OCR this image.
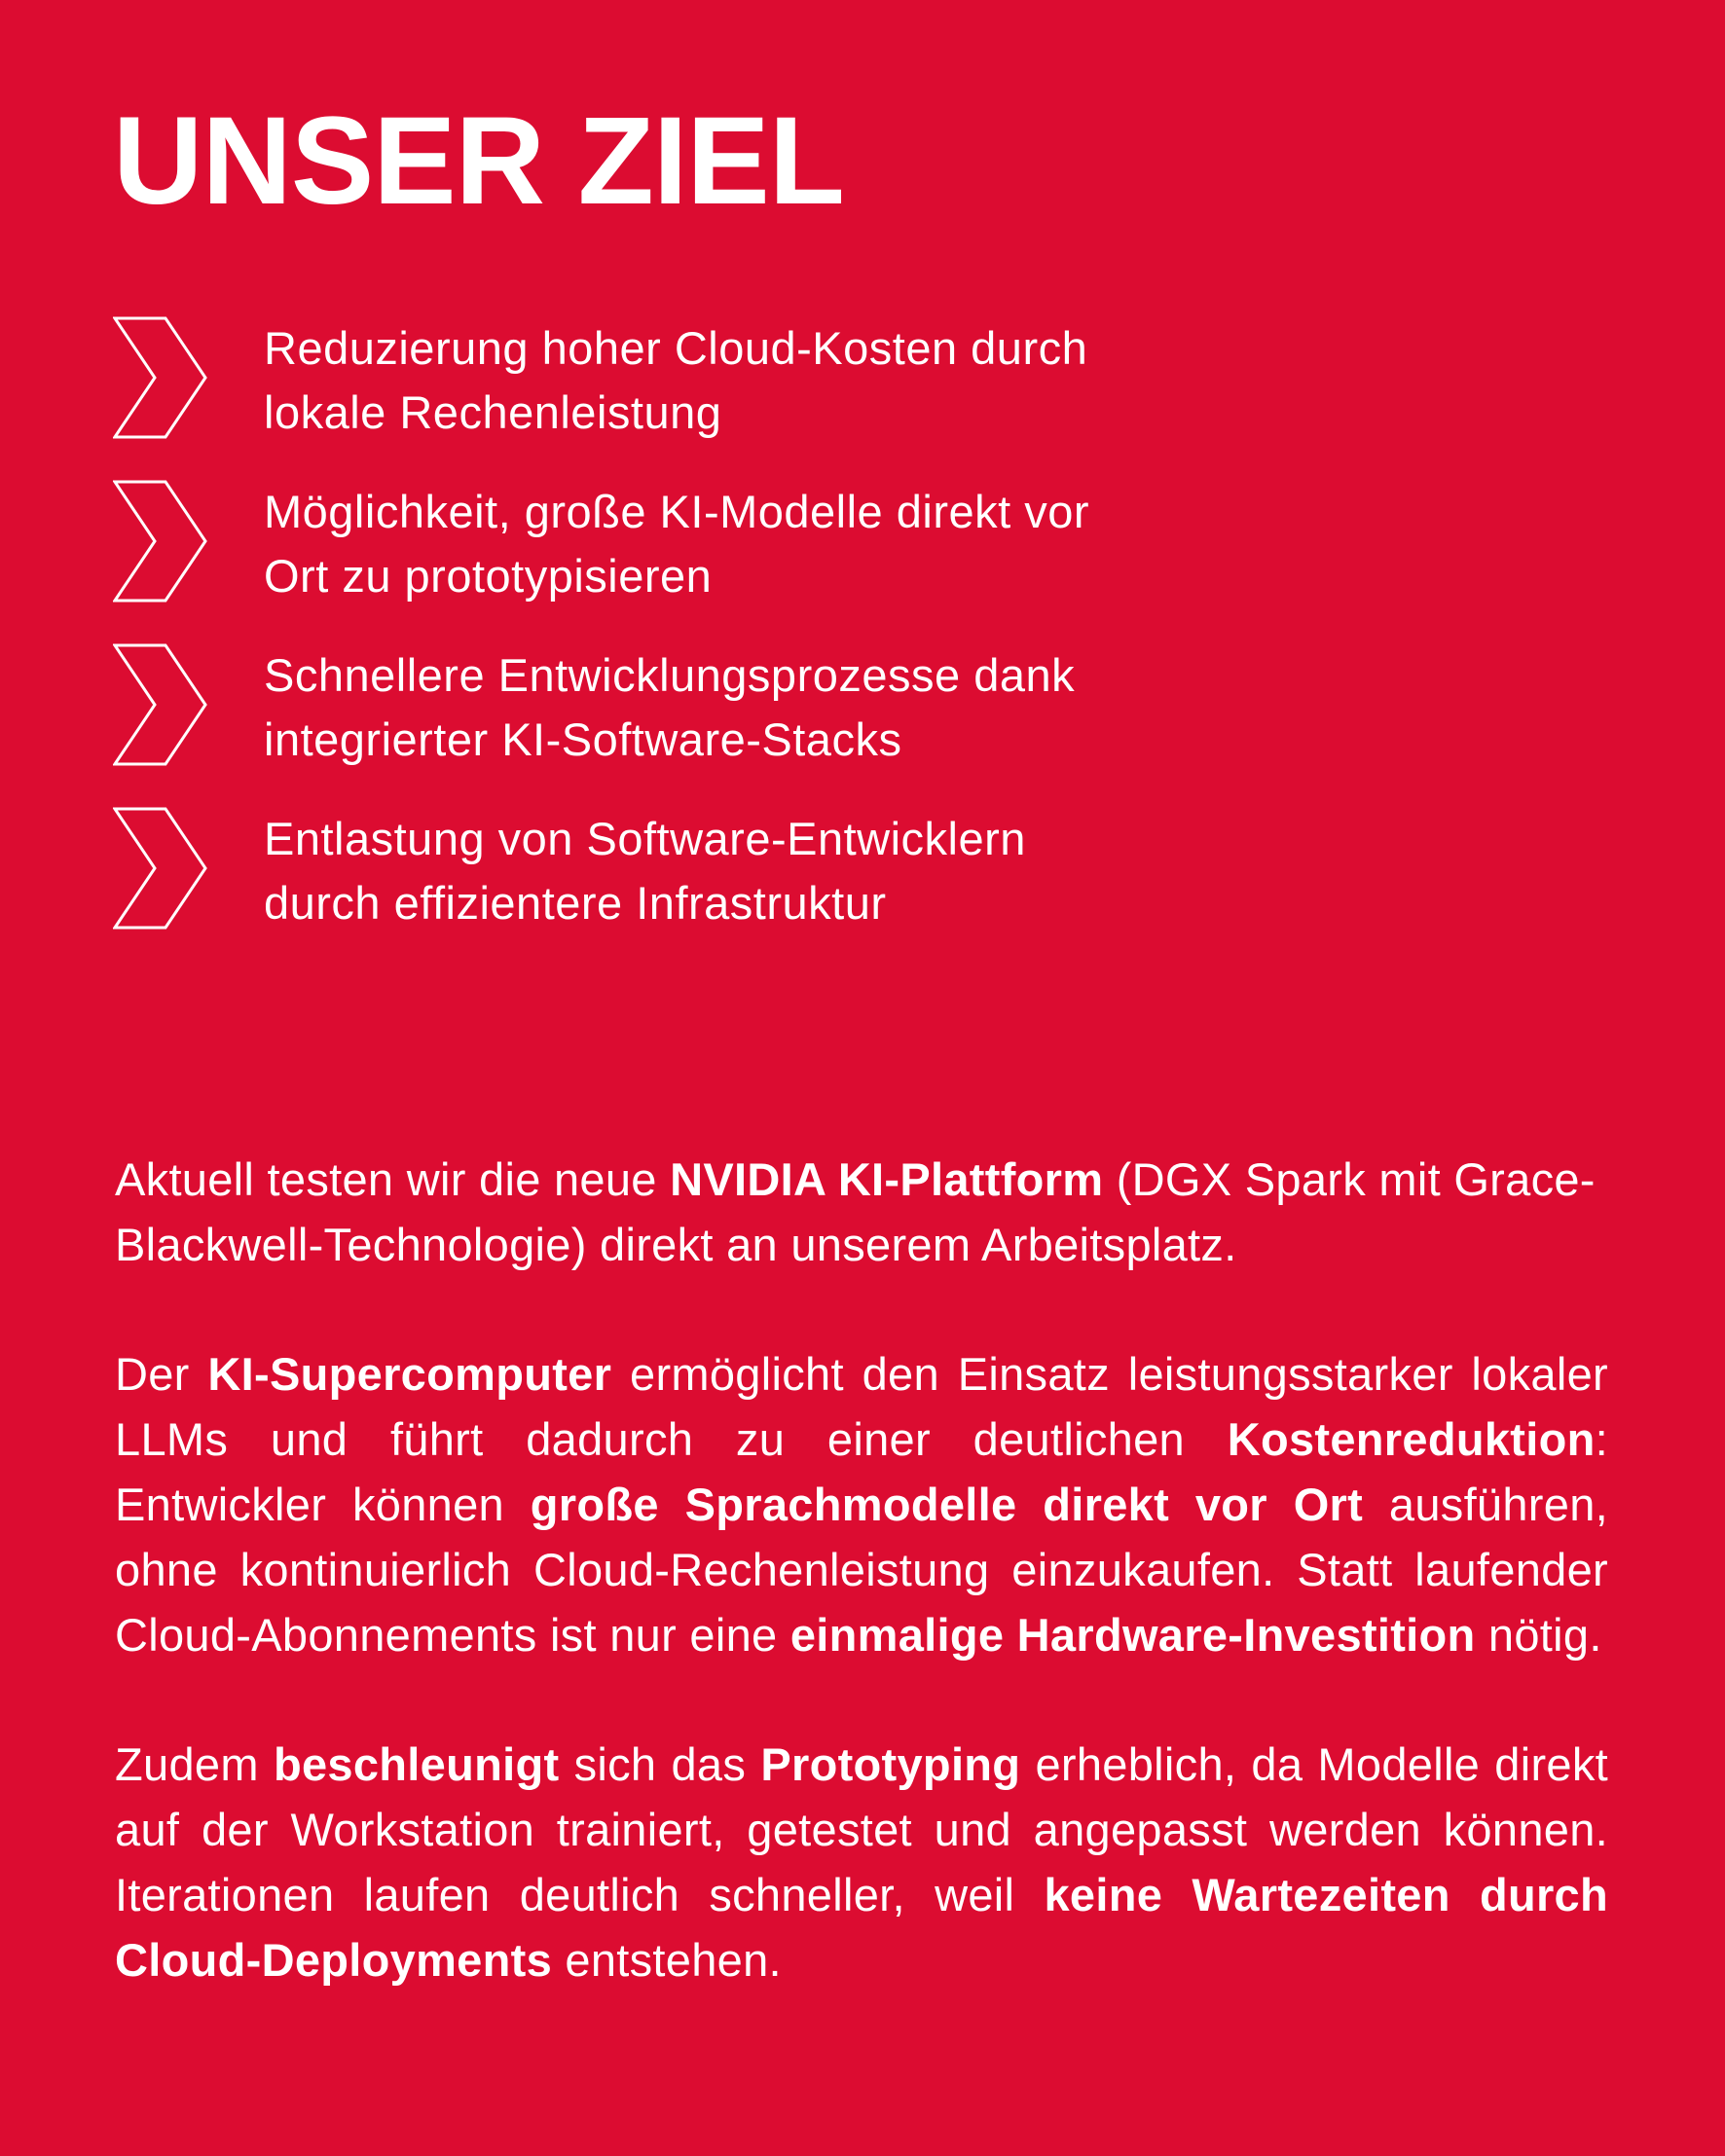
UNSER ZIEL
Reduzierung hoher Cloud-Kosten durch
lokale Rechenleistung
Möglichkeit, große KI-Modelle direkt vor
Ort zu prototypisieren
Schnellere Entwicklungsprozesse dank
integrierter KI-Software-Stacks
Entlastung von Software-Entwicklern
durch effizientere Infrastruktur

Aktuell testen wir die neue NVIDIA KI-Plattform (DGX Spark mit Grace-Blackwell-Technologie) direkt an unserem Arbeitsplatz.

Der KI-Supercomputer ermöglicht den Einsatz leistungsstarker lokaler LLMs und führt dadurch zu einer deutlichen Kostenreduktion: Entwickler können große Sprachmodelle direkt vor Ort ausführen, ohne kontinuierlich Cloud-Rechenleistung einzukaufen. Statt laufender Cloud-Abonnements ist nur eine einmalige Hardware-Investition nötig.

Zudem beschleunigt sich das Prototyping erheblich, da Modelle direkt auf der Workstation trainiert, getestet und angepasst werden können. Iterationen laufen deutlich schneller, weil keine Wartezeiten durch Cloud-Deployments entstehen.
